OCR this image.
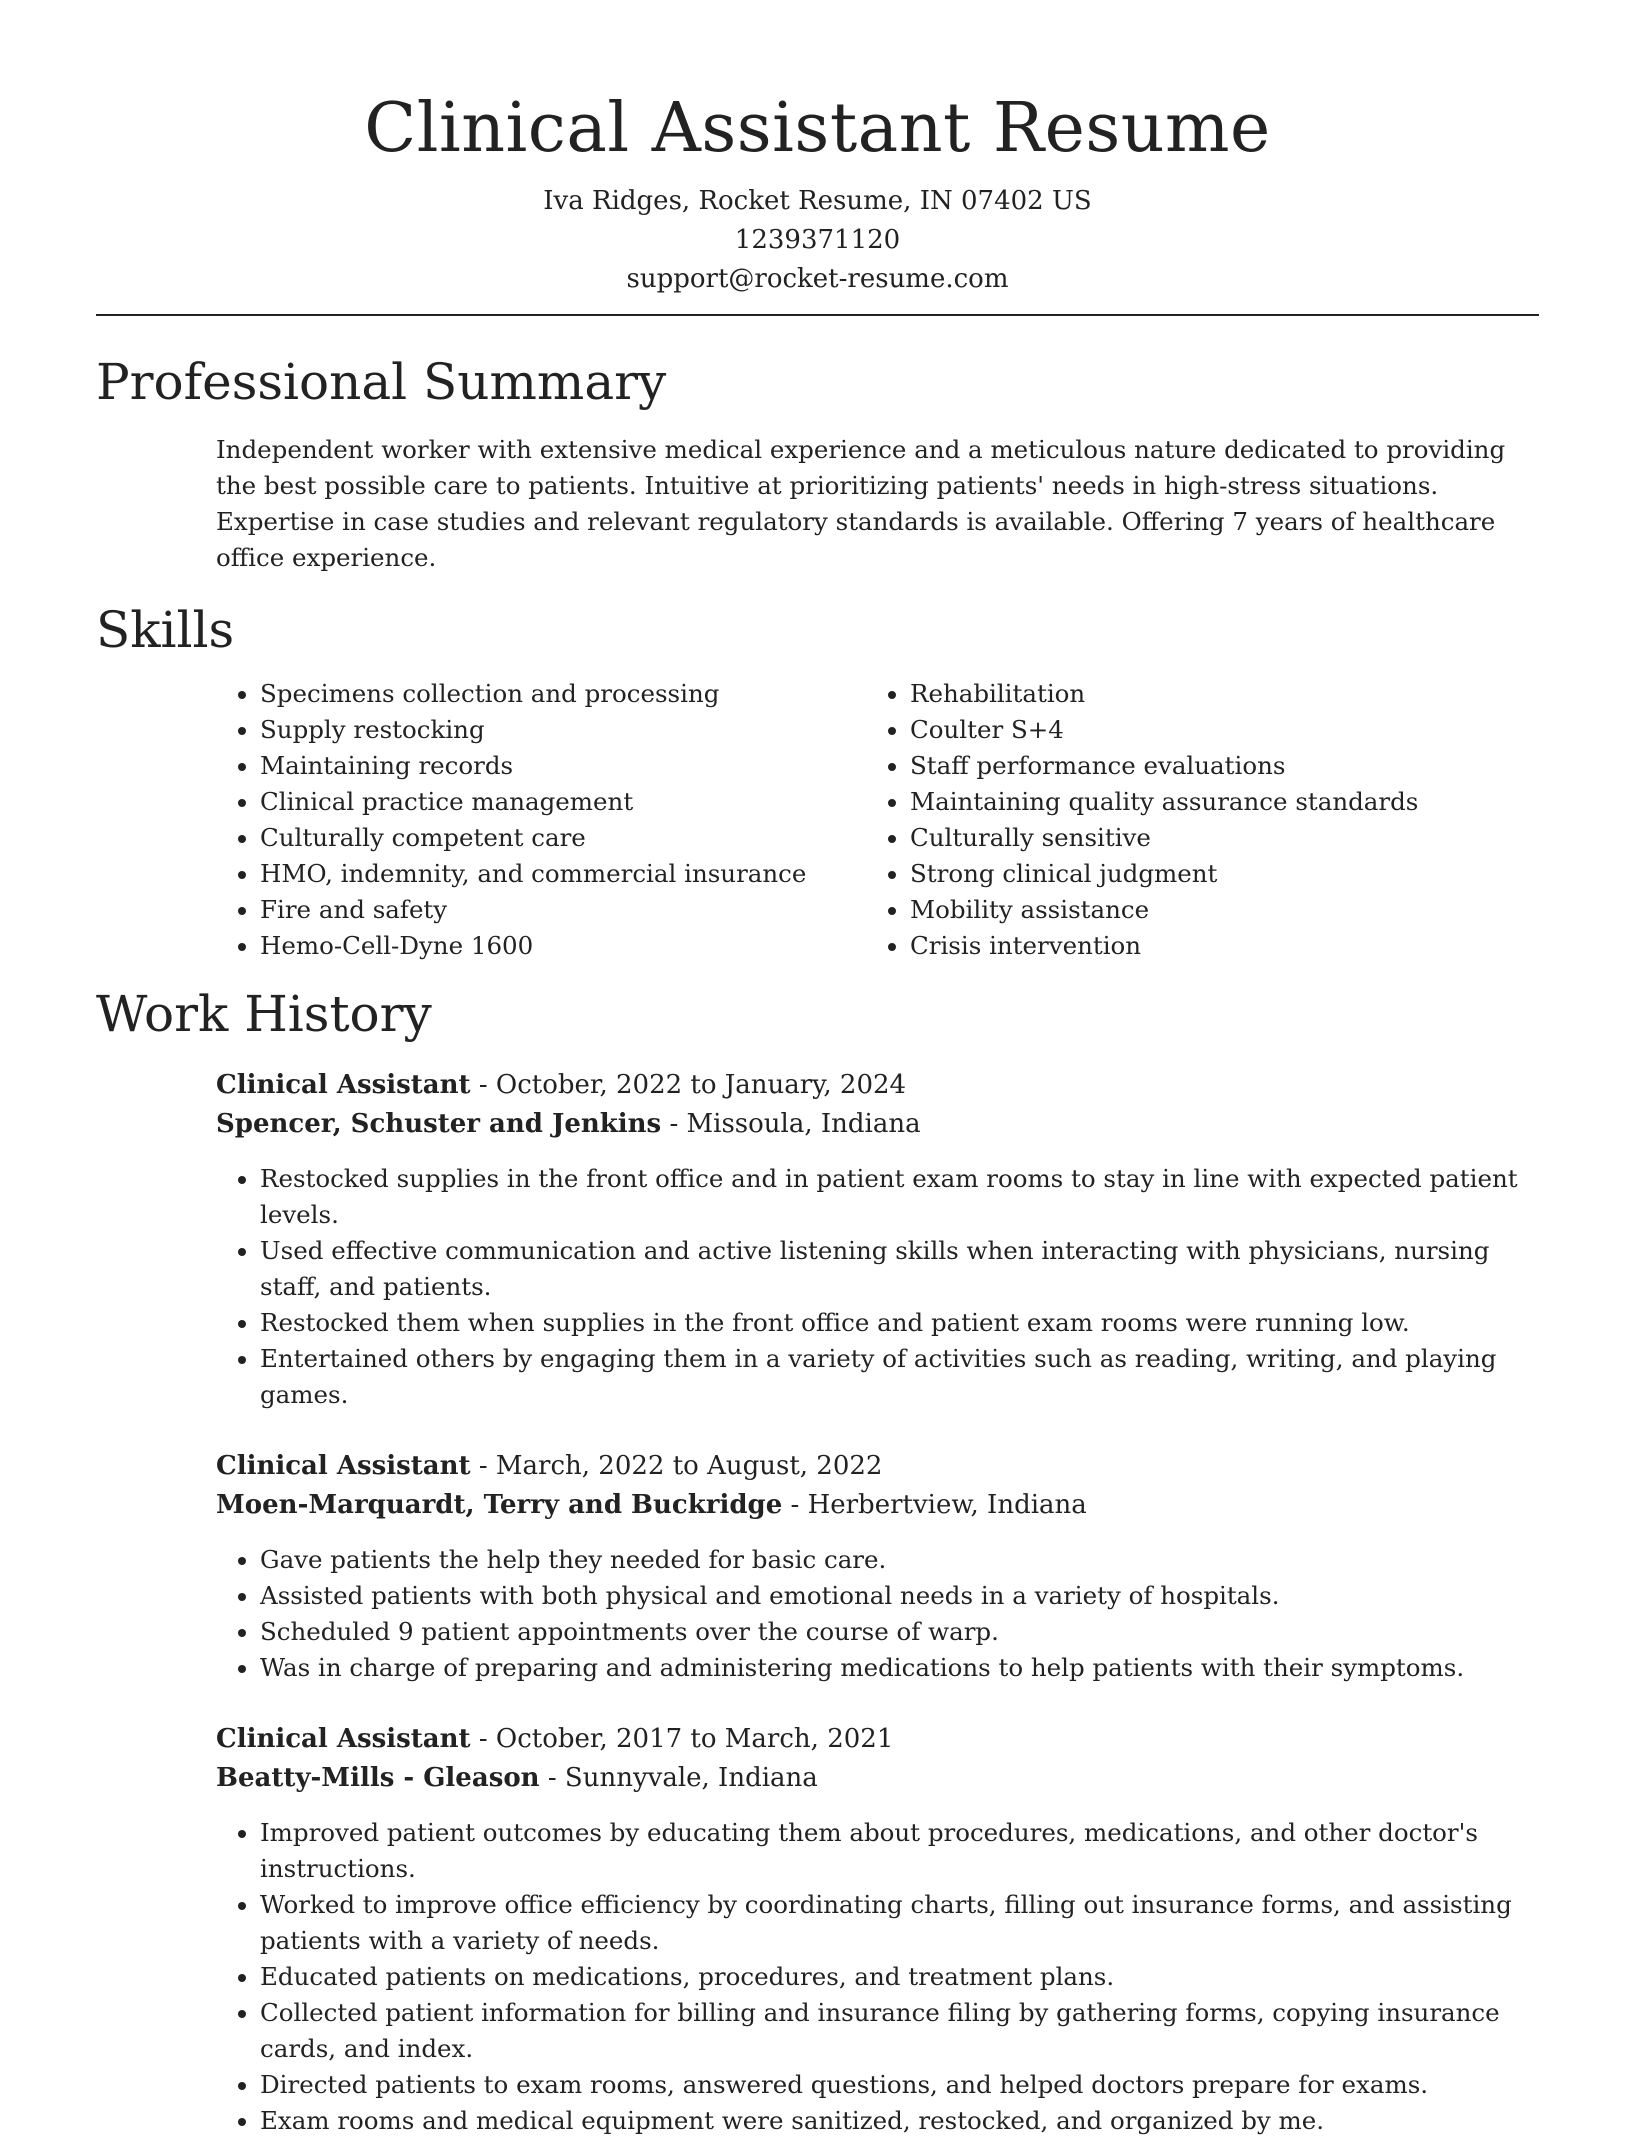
Clinical Assistant Resume
Iva Ridges, Rocket Resume, IN 07402 US
1239371120
support@rocket-resume.com
Professional Summary

Independent worker with extensive medical experience and a meticulous nature dedicated to providing the best possible care to patients. Intuitive at prioritizing patients' needs in high-stress situations. Expertise in case studies and relevant regulatory standards is available. Offering 7 years of healthcare office experience.

Skills
• Specimens collection and processing
• Supply restocking
• Maintaining records
• Clinical practice management
• Culturally competent care
• HMO, indemnity, and commercial insurance
• Fire and safety
• Hemo-Cell-Dyne 1600
• Rehabilitation
• Coulter S+4
• Staff performance evaluations
• Maintaining quality assurance standards
• Culturally sensitive
• Strong clinical judgment
• Mobility assistance
• Crisis intervention
Work History
Clinical Assistant - October, 2022 to January, 2024
Spencer, Schuster and Jenkins - Missoula, Indiana
• Restocked supplies in the front office and in patient exam rooms to stay in line with expected patient levels.
• Used effective communication and active listening skills when interacting with physicians, nursing staff, and patients.
• Restocked them when supplies in the front office and patient exam rooms were running low.
• Entertained others by engaging them in a variety of activities such as reading, writing, and playing games.
Clinical Assistant - March, 2022 to August, 2022
Moen-Marquardt, Terry and Buckridge - Herbertview, Indiana
• Gave patients the help they needed for basic care.
• Assisted patients with both physical and emotional needs in a variety of hospitals.
• Scheduled 9 patient appointments over the course of warp.
• Was in charge of preparing and administering medications to help patients with their symptoms.
Clinical Assistant - October, 2017 to March, 2021
Beatty-Mills - Gleason - Sunnyvale, Indiana
• Improved patient outcomes by educating them about procedures, medications, and other doctor's instructions.
• Worked to improve office efficiency by coordinating charts, filling out insurance forms, and assisting patients with a variety of needs.
• Educated patients on medications, procedures, and treatment plans.
• Collected patient information for billing and insurance filing by gathering forms, copying insurance cards, and index.
• Directed patients to exam rooms, answered questions, and helped doctors prepare for exams.
• Exam rooms and medical equipment were sanitized, restocked, and organized by me.
